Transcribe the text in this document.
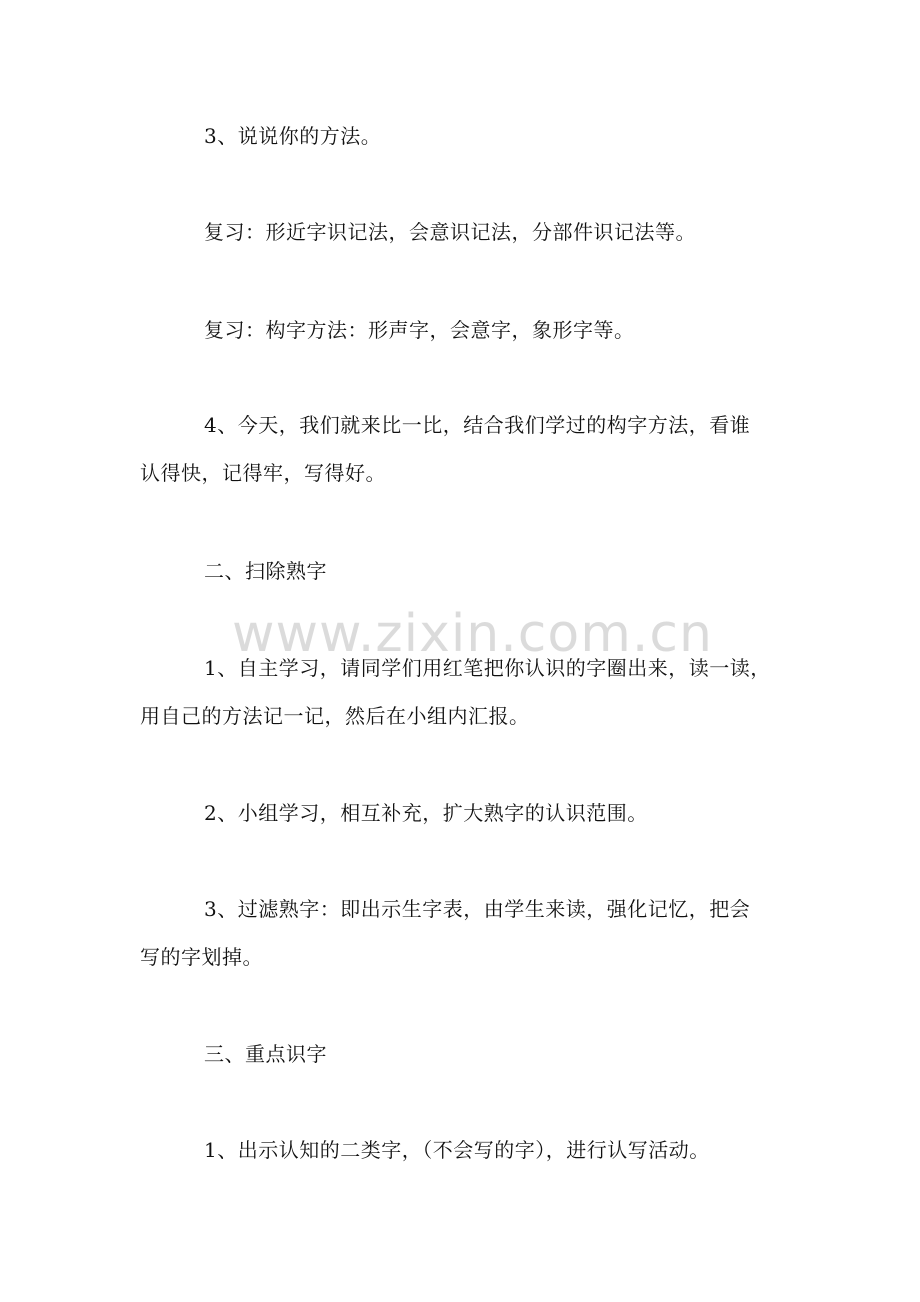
3、说说你的方法。
复习：形近字识记法，会意识记法，分部件识记法等。
复习：构字方法：形声字，会意字，象形字等。
4、今天，我们就来比一比，结合我们学过的构字方法，看谁
认得快，记得牢，写得好。
二、扫除熟字
1、自主学习，请同学们用红笔把你认识的字圈出来，读一读，
用自己的方法记一记，然后在小组内汇报。
2、小组学习，相互补充，扩大熟字的认识范围。
3、过滤熟字：即出示生字表，由学生来读，强化记忆，把会
写的字划掉。
三、重点识字
1、出示认知的二类字，（不会写的字），进行认写活动。
www.zixin.com.cn
